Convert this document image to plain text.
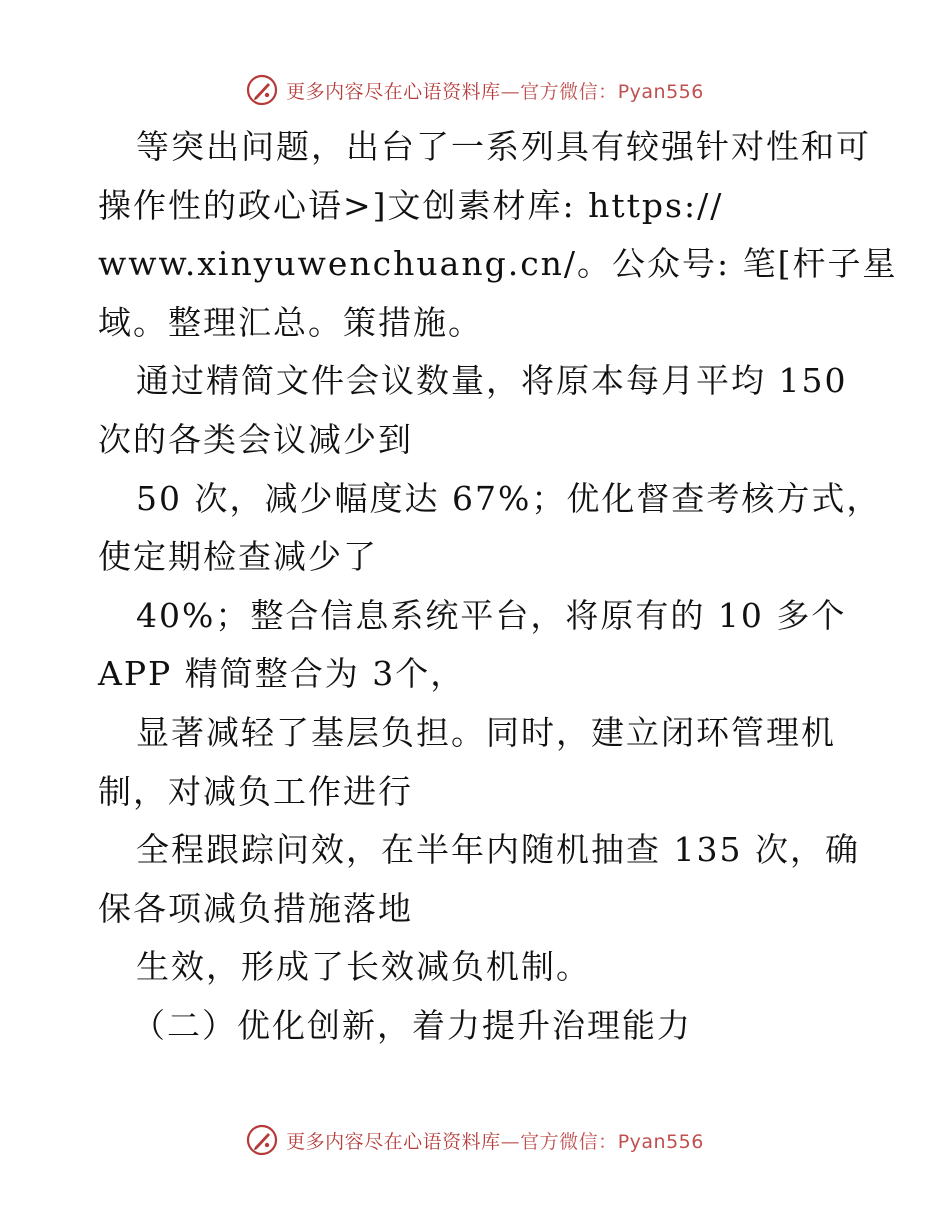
更多内容尽在心语资料库—官方微信：Pyan556
等突出问题，出台了一系列具有较强针对性和可
操作性的政心语>]文创素材库: https://
www.xinyuwenchuang.cn/。公众号: 笔[杆子星
域。整理汇总。策措施。
通过精简文件会议数量，将原本每月平均 150
次的各类会议减少到
50 次，减少幅度达 67%；优化督查考核方式，
使定期检查减少了
40%；整合信息系统平台，将原有的 10 多个
APP 精简整合为 3个，
显著减轻了基层负担。同时，建立闭环管理机
制，对减负工作进行
全程跟踪问效，在半年内随机抽查 135 次，确
保各项减负措施落地
生效，形成了长效减负机制。
（二）优化创新，着力提升治理能力
更多内容尽在心语资料库—官方微信：Pyan556
